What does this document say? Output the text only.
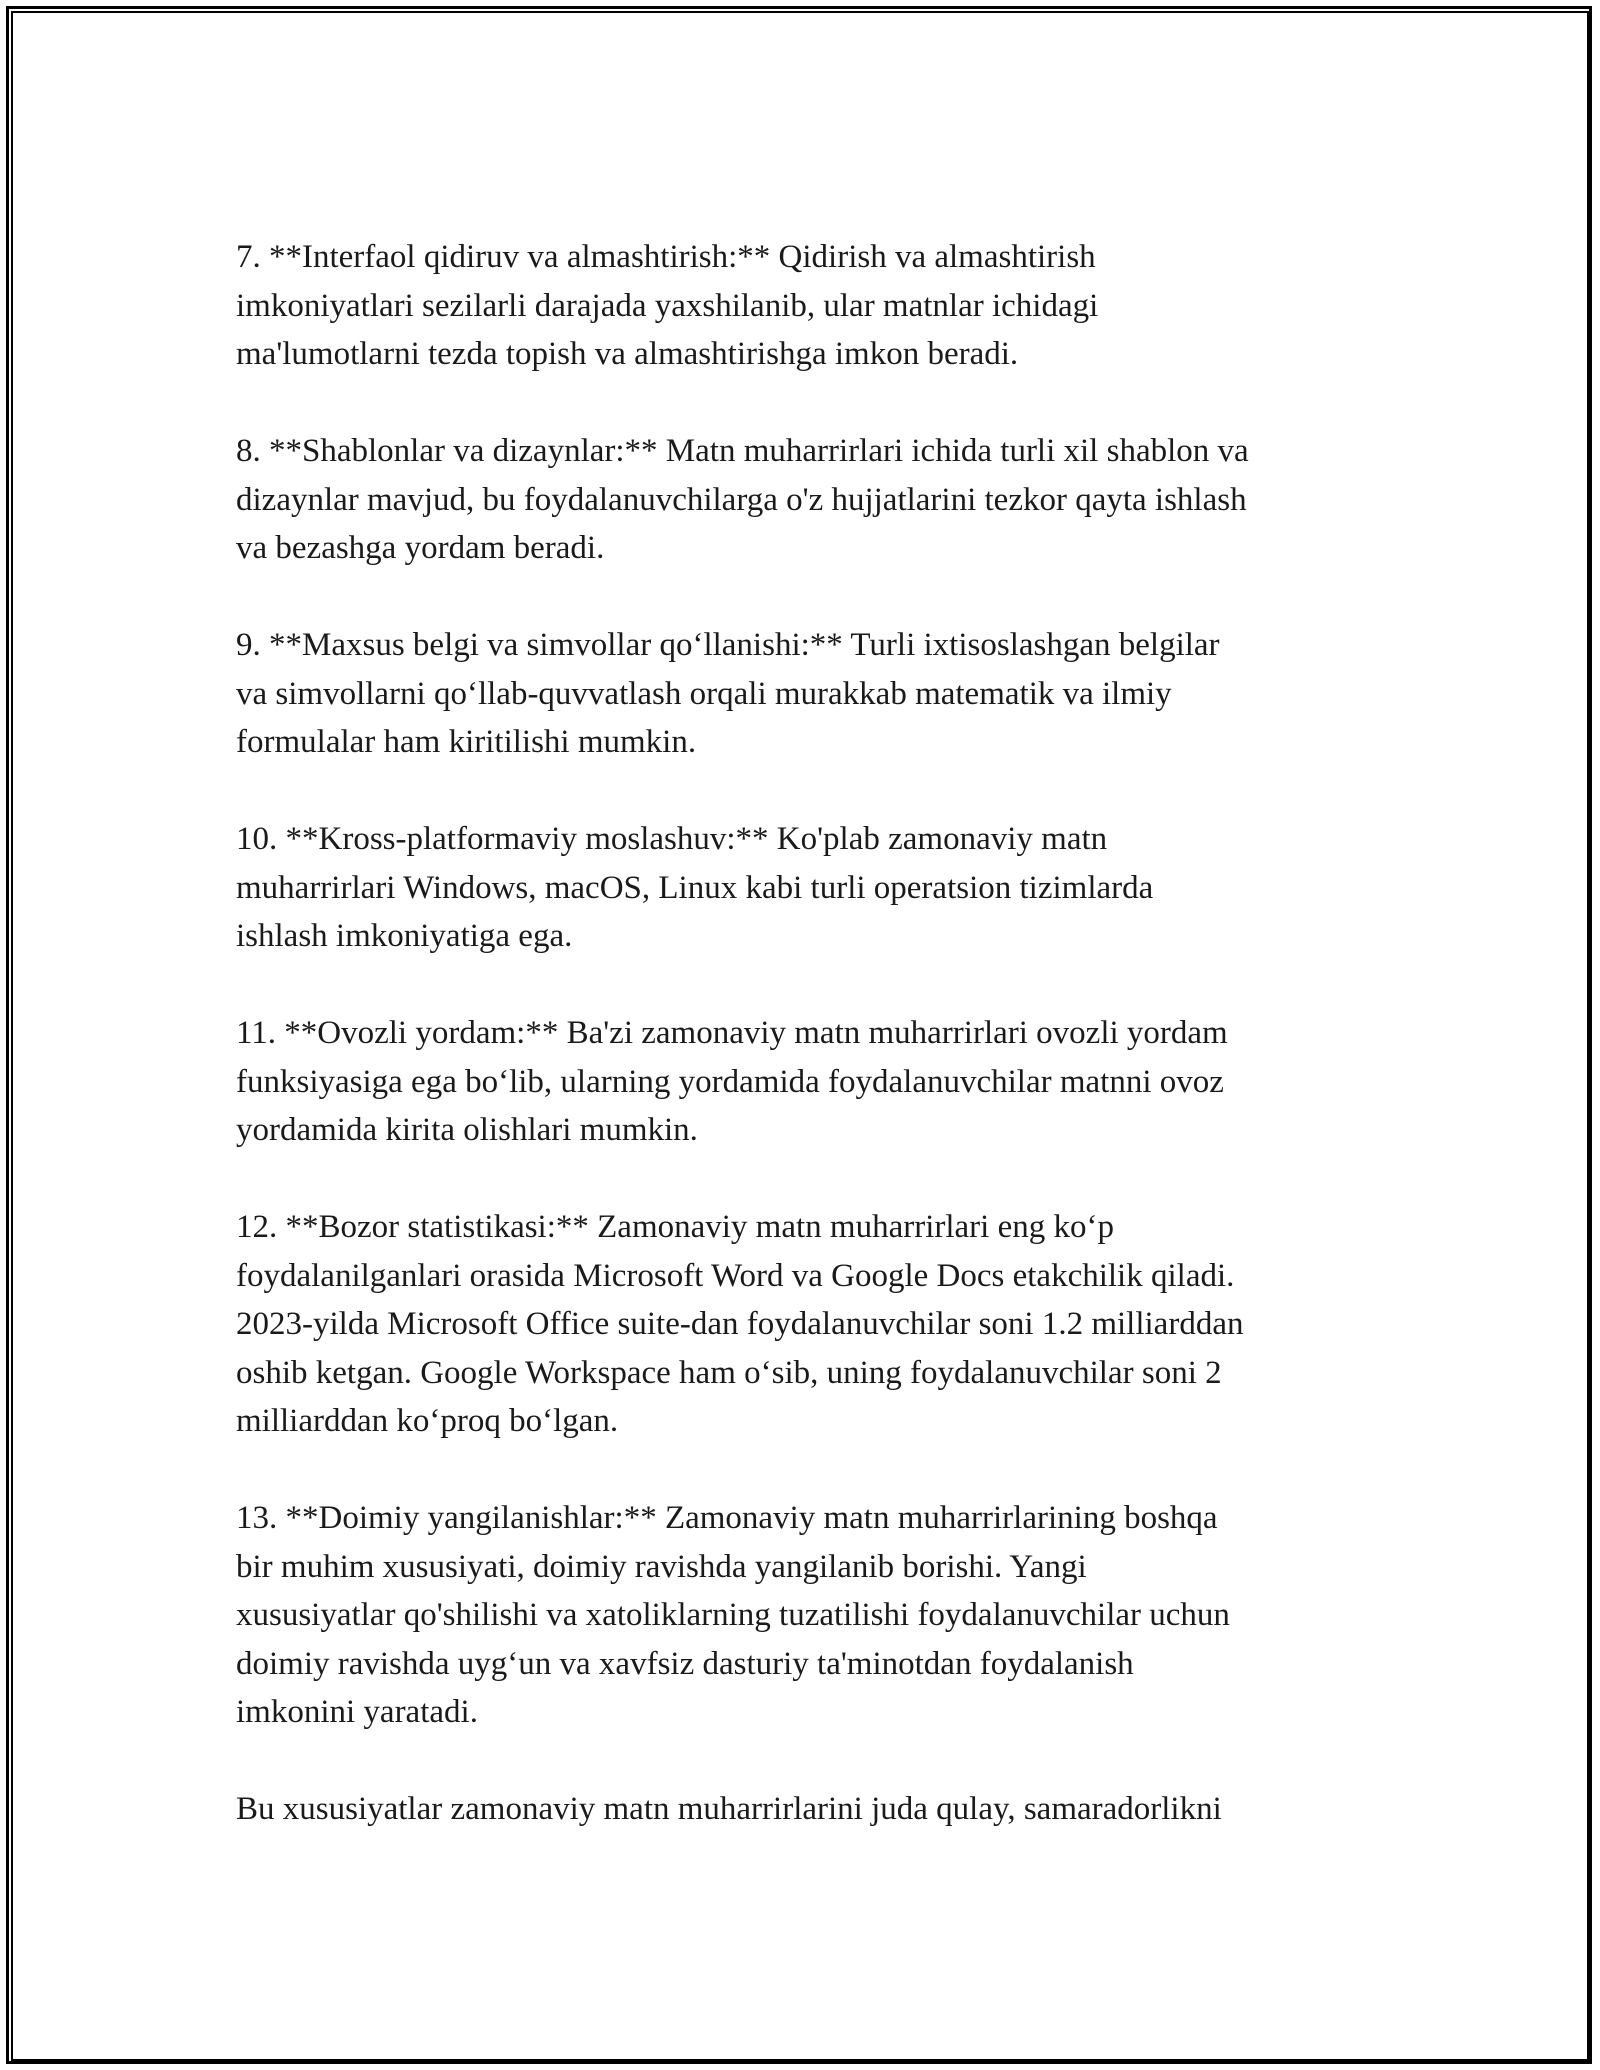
7. **Interfaol qidiruv va almashtirish:** Qidirish va almashtirish
imkoniyatlari sezilarli darajada yaxshilanib, ular matnlar ichidagi
ma'lumotlarni tezda topish va almashtirishga imkon beradi.

8. **Shablonlar va dizaynlar:** Matn muharrirlari ichida turli xil shablon va
dizaynlar mavjud, bu foydalanuvchilarga o'z hujjatlarini tezkor qayta ishlash
va bezashga yordam beradi.

9. **Maxsus belgi va simvollar qo‘llanishi:** Turli ixtisoslashgan belgilar
va simvollarni qo‘llab-quvvatlash orqali murakkab matematik va ilmiy
formulalar ham kiritilishi mumkin.

10. **Kross-platformaviy moslashuv:** Ko'plab zamonaviy matn
muharrirlari Windows, macOS, Linux kabi turli operatsion tizimlarda
ishlash imkoniyatiga ega.

11. **Ovozli yordam:** Ba'zi zamonaviy matn muharrirlari ovozli yordam
funksiyasiga ega bo‘lib, ularning yordamida foydalanuvchilar matnni ovoz
yordamida kirita olishlari mumkin.

12. **Bozor statistikasi:** Zamonaviy matn muharrirlari eng ko‘p
foydalanilganlari orasida Microsoft Word va Google Docs etakchilik qiladi.
2023-yilda Microsoft Office suite-dan foydalanuvchilar soni 1.2 milliarddan
oshib ketgan. Google Workspace ham o‘sib, uning foydalanuvchilar soni 2
milliarddan ko‘proq bo‘lgan.

13. **Doimiy yangilanishlar:** Zamonaviy matn muharrirlarining boshqa
bir muhim xususiyati, doimiy ravishda yangilanib borishi. Yangi
xususiyatlar qo'shilishi va xatoliklarning tuzatilishi foydalanuvchilar uchun
doimiy ravishda uyg‘un va xavfsiz dasturiy ta'minotdan foydalanish
imkonini yaratadi.

Bu xususiyatlar zamonaviy matn muharrirlarini juda qulay, samaradorlikni
